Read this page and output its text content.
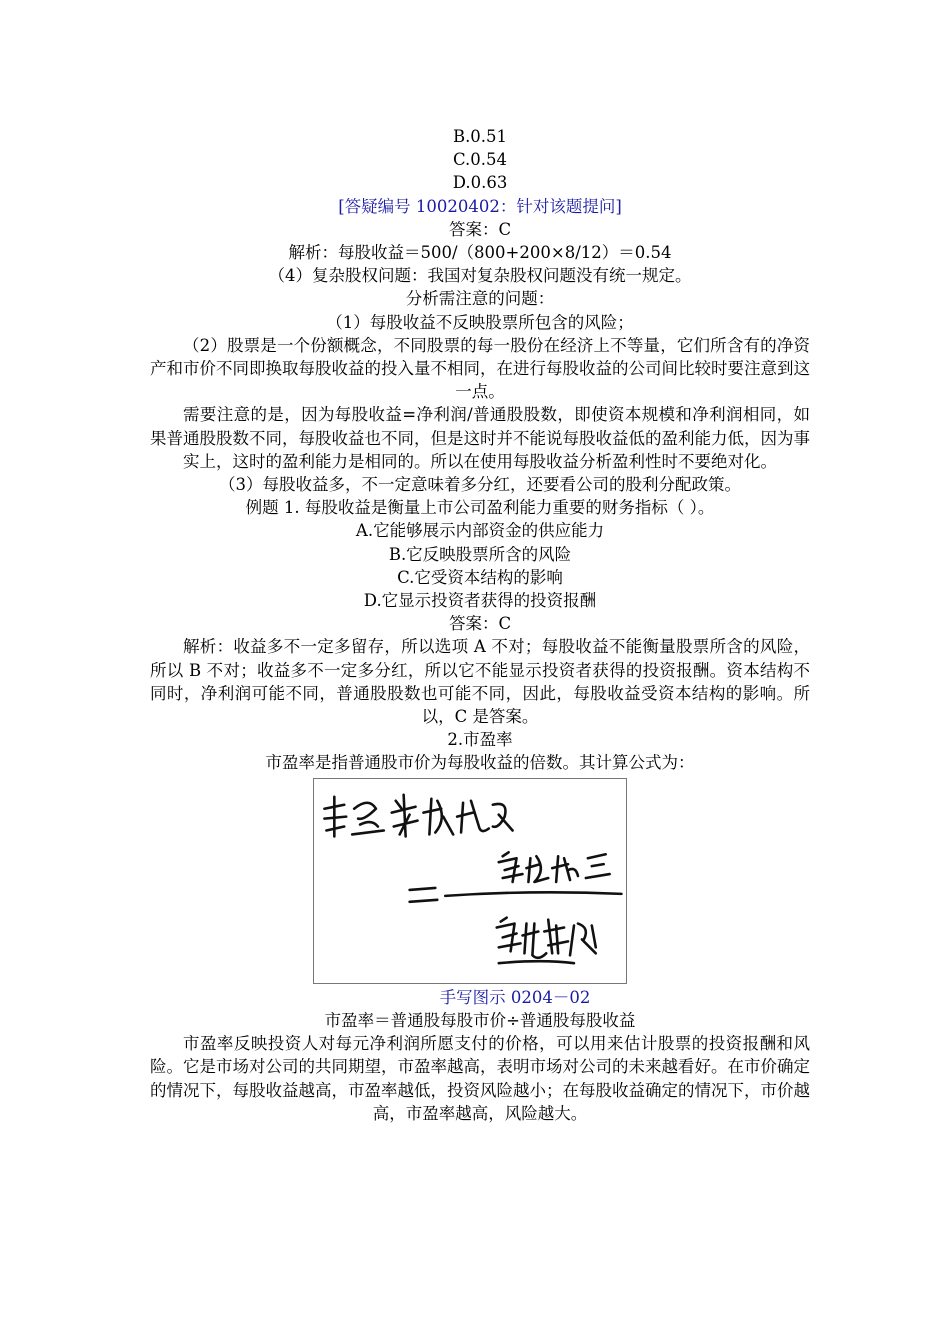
B.0.51

C.0.54

D.0.63

[答疑编号 10020402：针对该题提问]

答案：C

解析：每股收益＝500/（800+200×8/12）＝0.54

（4）复杂股权问题：我国对复杂股权问题没有统一规定。

分析需注意的问题：

（1）每股收益不反映股票所包含的风险；

（2）股票是一个份额概念，不同股票的每一股份在经济上不等量，它们所含有的净资产和市价不同即换取每股收益的投入量不相同，在进行每股收益的公司间比较时要注意到这一点。

需要注意的是，因为每股收益=净利润/普通股股数，即使资本规模和净利润相同，如果普通股股数不同，每股收益也不同，但是这时并不能说每股收益低的盈利能力低，因为事实上，这时的盈利能力是相同的。所以在使用每股收益分析盈利性时不要绝对化。

（3）每股收益多，不一定意味着多分红，还要看公司的股利分配政策。

例题 1. 每股收益是衡量上市公司盈利能力重要的财务指标（ ）。

A.它能够展示内部资金的供应能力

B.它反映股票所含的风险

C.它受资本结构的影响

D.它显示投资者获得的投资报酬

答案：C

解析：收益多不一定多留存，所以选项 A 不对；每股收益不能衡量股票所含的风险，所以 B 不对；收益多不一定多分红，所以它不能显示投资者获得的投资报酬。资本结构不同时，净利润可能不同，普通股股数也可能不同，因此，每股收益受资本结构的影响。所以，C 是答案。

2.市盈率

市盈率是指普通股市价为每股收益的倍数。其计算公式为：

手写图示 0204－02

市盈率＝普通股每股市价÷普通股每股收益

市盈率反映投资人对每元净利润所愿支付的价格，可以用来估计股票的投资报酬和风险。它是市场对公司的共同期望，市盈率越高，表明市场对公司的未来越看好。在市价确定的情况下，每股收益越高，市盈率越低，投资风险越小；在每股收益确定的情况下，市价越高，市盈率越高，风险越大。
